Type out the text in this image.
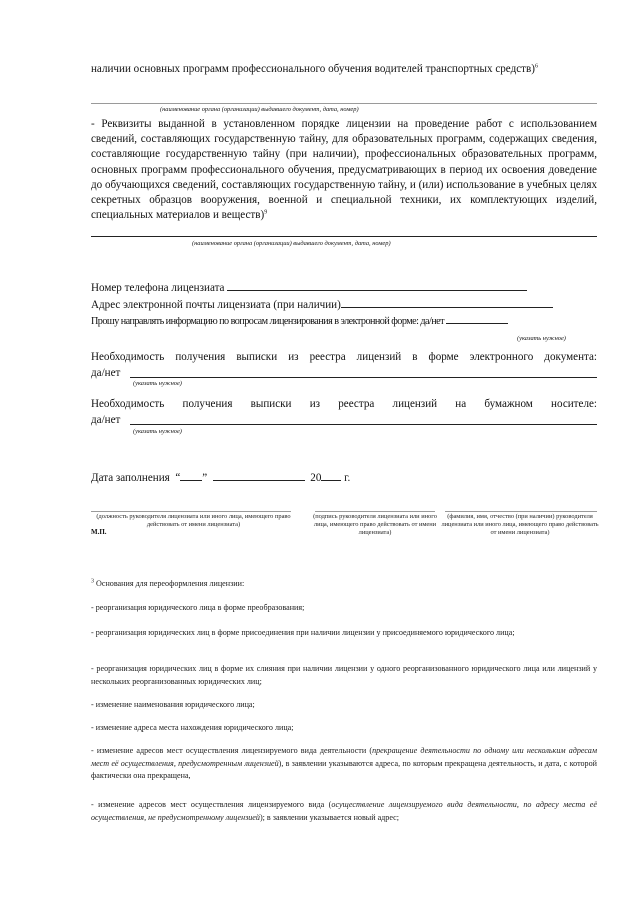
наличии основных программ профессионального обучения водителей транспортных средств)$^6$
(наименование органа (организации) выдавшего документ, дата, номер)
- Реквизиты выданной в установленном порядке лицензии на проведение работ с использованием сведений, составляющих государственную тайну, для образовательных программ, содержащих сведения, составляющие государственную тайну (при наличии), профессиональных образовательных программ, основных программ профессионального обучения, предусматривающих в период их освоения доведение до обучающихся сведений, составляющих государственную тайну, и (или) использование в учебных целях секретных образцов вооружения, военной и специальной техники, их комплектующих изделий, специальных материалов и веществ)$^9$
(наименование органа (организации) выдавшего документ, дата, номер)
Номер телефона лицензиата
Адрес электронной почты лицензиата (при наличии)
Прошу направлять информацию по вопросам лицензирования в электронной форме: да/нет
(указать нужное)
Необходимость получения выписки из реестра лицензий в форме электронного документа:
да/нет
(указать нужное)
Необходимость получения выписки из реестра лицензий на бумажном носителе:
да/нет
(указать нужное)
Дата заполнения “ ”	20 г.
(должность руководителя лицензиата или иного лица, имеющего право действовать от имени лицензиата)
М.П.
(подпись руководителя лицензиата или иного лица, имеющего право действовать от имени лицензиата)
(фамилия, имя, отчество (при наличии) руководителя лицензиата или иного лица, имеющего право действовать от имени лицензиата)
$^3$ Основания для переоформления лицензии:
- реорганизация юридического лица в форме преобразования;
- реорганизация юридических лиц в форме присоединения при наличии лицензии у присоединяемого юридического лица;
- реорганизация юридических лиц в форме их слияния при наличии лицензии у одного реорганизованного юридического лица или лицензий у нескольких реорганизованных юридических лиц;
- изменение наименования юридического лица;
- изменение адреса места нахождения юридического лица;
- изменение адресов мест осуществления лицензируемого вида деятельности (прекращение деятельности по одному или нескольким адресам мест её осуществления, предусмотренным лицензией), в заявлении указываются адреса, по которым прекращена деятельность, и дата, с которой фактически она прекращена,
- изменение адресов мест осуществления лицензируемого вида (осуществление лицензируемого вида деятельности, по адресу места её осуществления, не предусмотренному лицензией); в заявлении указывается новый адрес;
